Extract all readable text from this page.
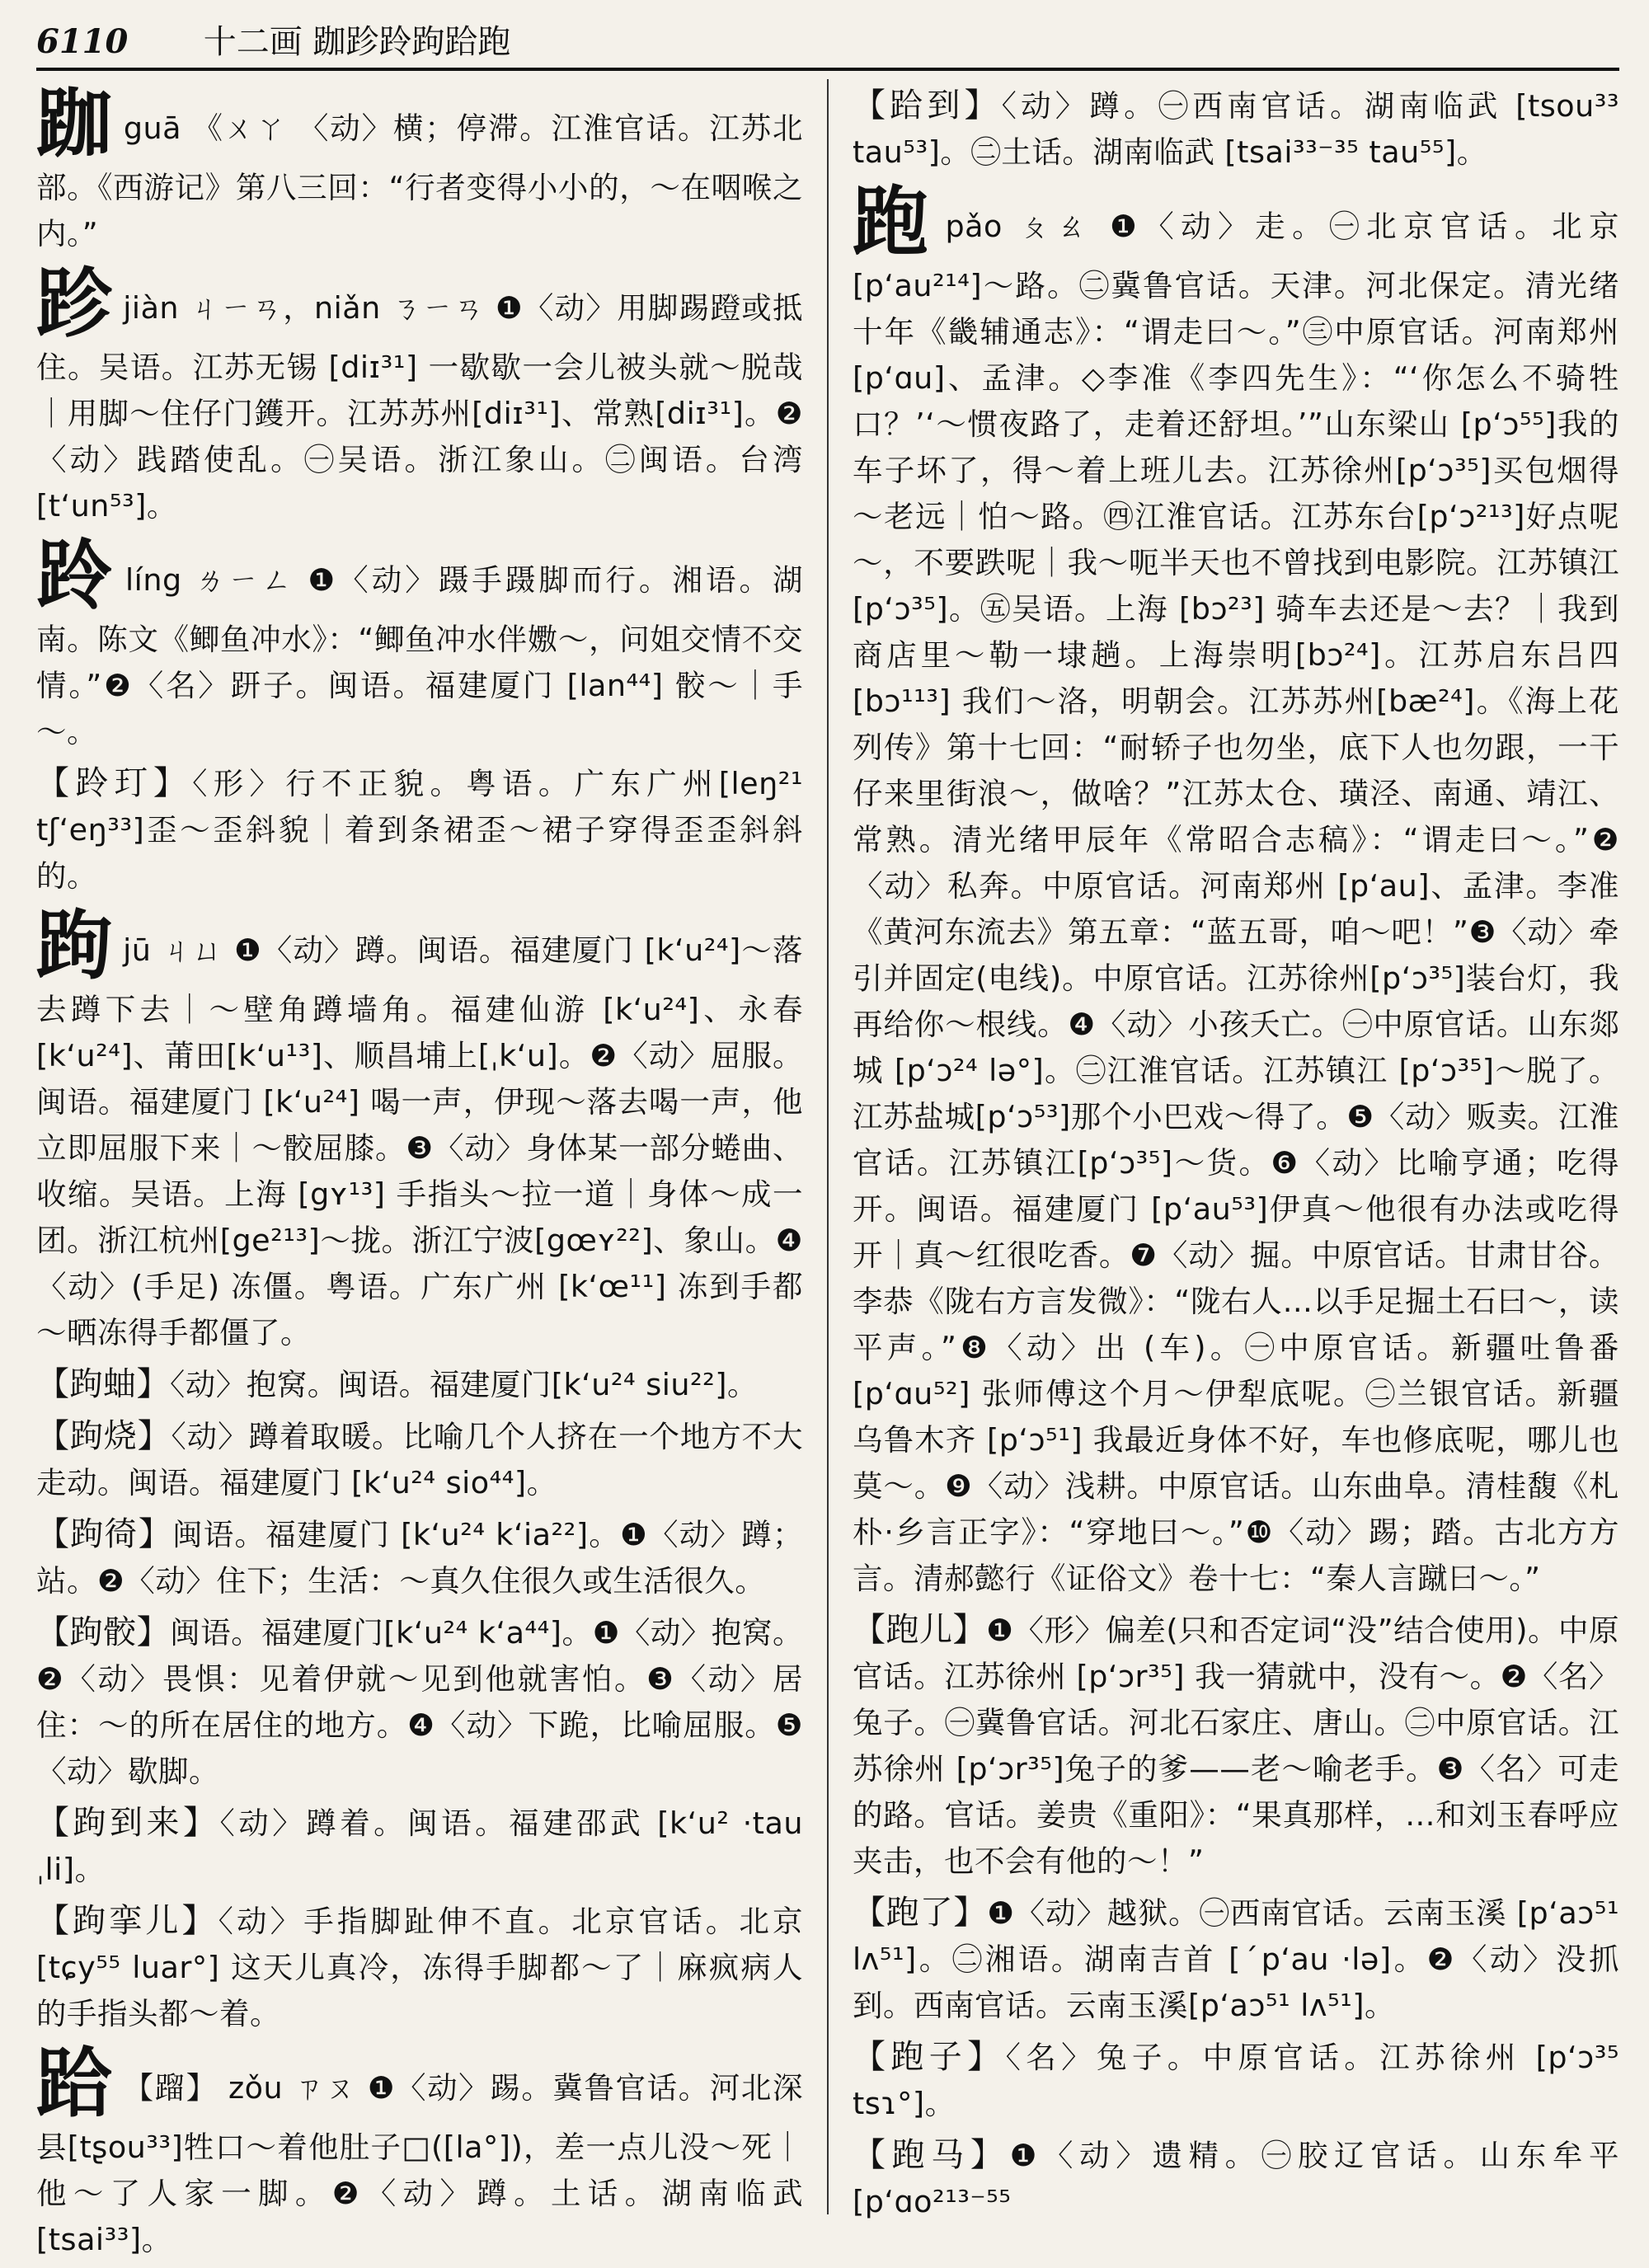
6110 十二画 跏跈跉跔跲跑

跏guā 《ㄨㄚ 〈动〉横；停滞。江淮官话。江苏北部。《西游记》第八三回：“行者变得小小的，～在咽喉之内。”

跈jiàn ㄐㄧㄢ，niǎn ㄋㄧㄢ ❶〈动〉用脚踢蹬或抵住。吴语。江苏无锡 [diɪ³¹] 一歇歇一会儿被头就～脱哉｜用脚～住仔门鑊开。江苏苏州[diɪ³¹]、常熟[diɪ³¹]。❷〈动〉践踏使乱。㊀吴语。浙江象山。㊁闽语。台湾[t‘un⁵³]。

跉líng ㄌㄧㄥ ❶〈动〉蹑手蹑脚而行。湘语。湖南。陈文《鲫鱼冲水》：“鲫鱼冲水伴嫐～，问姐交情不交情。”❷〈名〉趼子。闽语。福建厦门 [lan⁴⁴] 骹～｜手～。

【跉玎】〈形〉行不正貌。粤语。广东广州[leŋ²¹ tʃ‘eŋ³³]歪～歪斜貌｜着到条裙歪～裙子穿得歪歪斜斜的。

跔jū ㄐㄩ ❶〈动〉蹲。闽语。福建厦门 [k‘u²⁴]～落去蹲下去｜～壁角蹲墙角。福建仙游 [k‘u²⁴]、永春[k‘u²⁴]、莆田[k‘u¹³]、顺昌埔上[ˌk‘u]。❷〈动〉屈服。闽语。福建厦门 [k‘u²⁴] 喝一声，伊现～落去喝一声，他立即屈服下来｜～骹屈膝。❸〈动〉身体某一部分蜷曲、收缩。吴语。上海 [gʏ¹³] 手指头～拉一道｜身体～成一团。浙江杭州[ge²¹³]～拢。浙江宁波[gœʏ²²]、象山。❹〈动〉(手足) 冻僵。粤语。广东广州 [k‘œ¹¹] 冻到手都～晒冻得手都僵了。

【跔蚰】〈动〉抱窝。闽语。福建厦门[k‘u²⁴ siu²²]。

【跔烧】〈动〉蹲着取暖。比喻几个人挤在一个地方不大走动。闽语。福建厦门 [k‘u²⁴ sio⁴⁴]。

【跔徛】闽语。福建厦门 [k‘u²⁴ k‘ia²²]。❶〈动〉蹲；站。❷〈动〉住下；生活：～真久住很久或生活很久。

【跔骹】闽语。福建厦门[k‘u²⁴ k‘a⁴⁴]。❶〈动〉抱窝。❷〈动〉畏惧：见着伊就～见到他就害怕。❸〈动〉居住：～的所在居住的地方。❹〈动〉下跪，比喻屈服。❺〈动〉歇脚。

【跔到来】〈动〉蹲着。闽语。福建邵武 [k‘u² ·tau ˌli]。

【跔挛儿】〈动〉手指脚趾伸不直。北京官话。北京[tɕy⁵⁵ luar°] 这天儿真冷，冻得手脚都～了｜麻疯病人的手指头都～着。

跲 【蹓】 zǒu ㄗㄡ ❶〈动〉踢。冀鲁官话。河北深县[tʂou³³]牲口～着他肚子□([la°])，差一点儿没～死｜他～了人家一脚。❷〈动〉蹲。土话。湖南临武 [tsai³³]。

【跲到】〈动〉蹲。㊀西南官话。湖南临武 [tsou³³ tau⁵³]。㊁土话。湖南临武 [tsai³³⁻³⁵ tau⁵⁵]。

跑pǎo ㄆㄠ ❶〈动〉走。㊀北京官话。北京 [p‘au²¹⁴]～路。㊁冀鲁官话。天津。河北保定。清光绪十年《畿辅通志》：“谓走曰～。”㊂中原官话。河南郑州[p‘ɑu]、孟津。◇李准《李四先生》：“‘你怎么不骑牲口？’‘～惯夜路了，走着还舒坦。’”山东梁山 [p‘ɔ⁵⁵]我的车子坏了，得～着上班儿去。江苏徐州[p‘ɔ³⁵]买包烟得～老远｜怕～路。㊃江淮官话。江苏东台[p‘ɔ²¹³]好点呢～，不要跌呢｜我～呃半天也不曾找到电影院。江苏镇江[p‘ɔ³⁵]。㊄吴语。上海 [bɔ²³] 骑车去还是～去？｜我到商店里～勒一埭趟。上海崇明[bɔ²⁴]。江苏启东吕四 [bɔ¹¹³] 我们～洛，明朝会。江苏苏州[bæ²⁴]。《海上花列传》第十七回：“耐轿子也勿坐，底下人也勿跟，一干仔来里街浪～，做啥？”江苏太仓、璜泾、南通、靖江、常熟。清光绪甲辰年《常昭合志稿》：“谓走曰～。”❷〈动〉私奔。中原官话。河南郑州 [p‘au]、孟津。李准《黄河东流去》第五章：“蓝五哥，咱～吧！”❸〈动〉牵引并固定(电线)。中原官话。江苏徐州[p‘ɔ³⁵]装台灯，我再给你～根线。❹〈动〉小孩夭亡。㊀中原官话。山东郯城 [p‘ɔ²⁴ lə°]。㊁江淮官话。江苏镇江 [p‘ɔ³⁵]～脱了。江苏盐城[p‘ɔ⁵³]那个小巴戏～得了。❺〈动〉贩卖。江淮官话。江苏镇江[p‘ɔ³⁵]～货。❻〈动〉比喻亨通；吃得开。闽语。福建厦门 [p‘au⁵³]伊真～他很有办法或吃得开｜真～红很吃香。❼〈动〉掘。中原官话。甘肃甘谷。李恭《陇右方言发微》：“陇右人…以手足掘土石曰～，读平声。”❽〈动〉出 (车)。㊀中原官话。新疆吐鲁番 [p‘ɑu⁵²] 张师傅这个月～伊犁底呢。㊁兰银官话。新疆乌鲁木齐 [p‘ɔ⁵¹] 我最近身体不好，车也修底呢，哪儿也莫～。❾〈动〉浅耕。中原官话。山东曲阜。清桂馥《札朴·乡言正字》：“穿地曰～。”❿〈动〉踢；踏。古北方方言。清郝懿行《证俗文》卷十七：“秦人言蹴曰～。”

【跑儿】❶〈形〉偏差(只和否定词“没”结合使用)。中原官话。江苏徐州 [p‘ɔr³⁵] 我一猜就中，没有～。❷〈名〉兔子。㊀冀鲁官话。河北石家庄、唐山。㊁中原官话。江苏徐州 [p‘ɔr³⁵]兔子的爹——老～喻老手。❸〈名〉可走的路。官话。姜贵《重阳》：“果真那样，…和刘玉春呼应夹击，也不会有他的～！”

【跑了】❶〈动〉越狱。㊀西南官话。云南玉溪 [p‘aɔ⁵¹ lʌ⁵¹]。㊁湘语。湖南吉首 [ˊp‘au ·lə]。❷〈动〉没抓到。西南官话。云南玉溪[p‘aɔ⁵¹ lʌ⁵¹]。

【跑子】〈名〉兔子。中原官话。江苏徐州 [p‘ɔ³⁵ tsɿ°]。

【跑马】❶〈动〉遗精。㊀胶辽官话。山东牟平[p‘ɑo²¹³⁻⁵⁵
